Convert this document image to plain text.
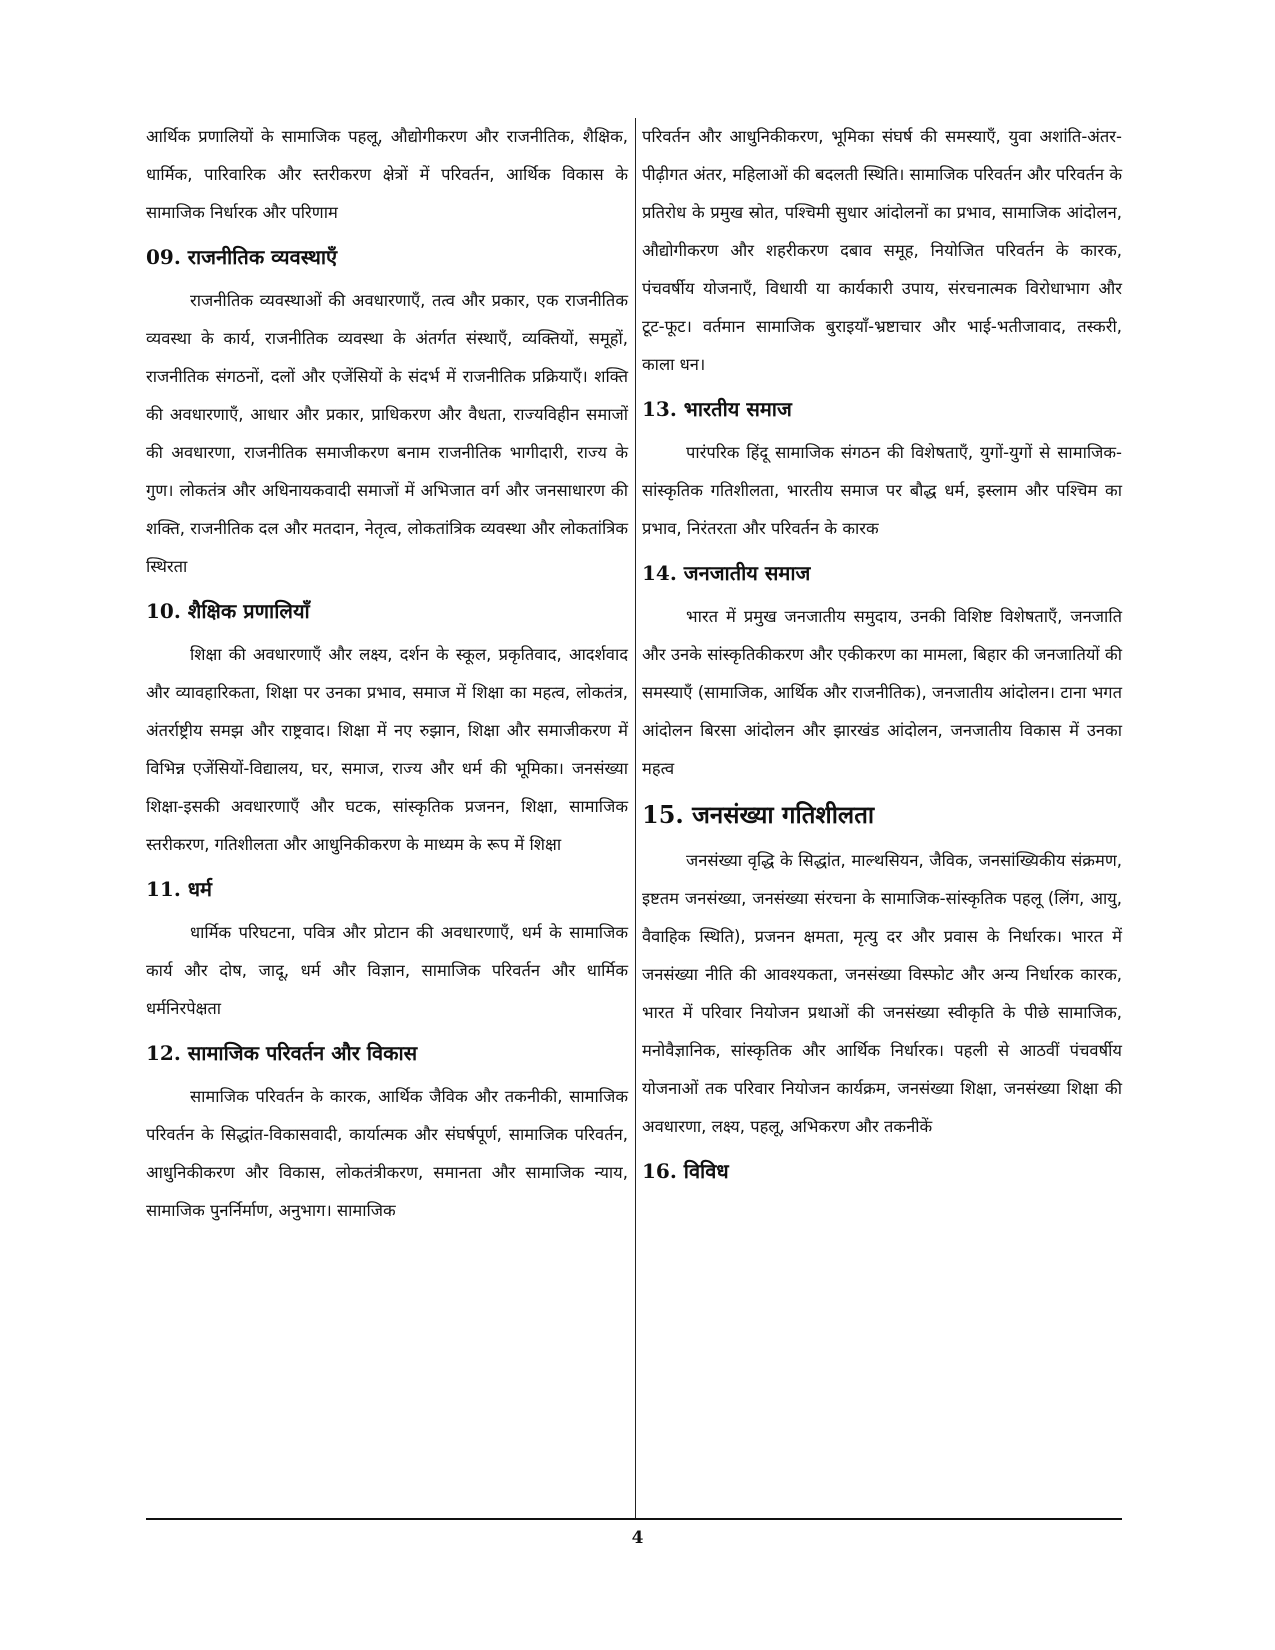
आर्थिक प्रणालियों के सामाजिक पहलू, औद्योगीकरण और राजनीतिक, शैक्षिक, धार्मिक, पारिवारिक और स्तरीकरण क्षेत्रों में परिवर्तन, आर्थिक विकास के सामाजिक निर्धारक और परिणाम

09. राजनीतिक व्यवस्थाएँ

राजनीतिक व्यवस्थाओं की अवधारणाएँ, तत्व और प्रकार, एक राजनीतिक व्यवस्था के कार्य, राजनीतिक व्यवस्था के अंतर्गत संस्थाएँ, व्यक्तियों, समूहों, राजनीतिक संगठनों, दलों और एजेंसियों के संदर्भ में राजनीतिक प्रक्रियाएँ। शक्ति की अवधारणाएँ, आधार और प्रकार, प्राधिकरण और वैधता, राज्यविहीन समाजों की अवधारणा, राजनीतिक समाजीकरण बनाम राजनीतिक भागीदारी, राज्य के गुण। लोकतंत्र और अधिनायकवादी समाजों में अभिजात वर्ग और जनसाधारण की शक्ति, राजनीतिक दल और मतदान, नेतृत्व, लोकतांत्रिक व्यवस्था और लोकतांत्रिक स्थिरता

10. शैक्षिक प्रणालियाँ

शिक्षा की अवधारणाएँ और लक्ष्य, दर्शन के स्कूल, प्रकृतिवाद, आदर्शवाद और व्यावहारिकता, शिक्षा पर उनका प्रभाव, समाज में शिक्षा का महत्व, लोकतंत्र, अंतर्राष्ट्रीय समझ और राष्ट्रवाद। शिक्षा में नए रुझान, शिक्षा और समाजीकरण में विभिन्न एजेंसियों-विद्यालय, घर, समाज, राज्य और धर्म की भूमिका। जनसंख्या शिक्षा-इसकी अवधारणाएँ और घटक, सांस्कृतिक प्रजनन, शिक्षा, सामाजिक स्तरीकरण, गतिशीलता और आधुनिकीकरण के माध्यम के रूप में शिक्षा

11. धर्म

धार्मिक परिघटना, पवित्र और प्रोटान की अवधारणाएँ, धर्म के सामाजिक कार्य और दोष, जादू, धर्म और विज्ञान, सामाजिक परिवर्तन और धार्मिक धर्मनिरपेक्षता

12. सामाजिक परिवर्तन और विकास

सामाजिक परिवर्तन के कारक, आर्थिक जैविक और तकनीकी, सामाजिक परिवर्तन के सिद्धांत-विकासवादी, कार्यात्मक और संघर्षपूर्ण, सामाजिक परिवर्तन, आधुनिकीकरण और विकास, लोकतंत्रीकरण, समानता और सामाजिक न्याय, सामाजिक पुनर्निर्माण, अनुभाग। सामाजिक

परिवर्तन और आधुनिकीकरण, भूमिका संघर्ष की समस्याएँ, युवा अशांति-अंतर-पीढ़ीगत अंतर, महिलाओं की बदलती स्थिति। सामाजिक परिवर्तन और परिवर्तन के प्रतिरोध के प्रमुख स्रोत, पश्चिमी सुधार आंदोलनों का प्रभाव, सामाजिक आंदोलन, औद्योगीकरण और शहरीकरण दबाव समूह, नियोजित परिवर्तन के कारक, पंचवर्षीय योजनाएँ, विधायी या कार्यकारी उपाय, संरचनात्मक विरोधाभाग और टूट-फूट। वर्तमान सामाजिक बुराइयाँ-भ्रष्टाचार और भाई-भतीजावाद, तस्करी, काला धन।

13. भारतीय समाज

पारंपरिक हिंदू सामाजिक संगठन की विशेषताएँ, युगों-युगों से सामाजिक-सांस्कृतिक गतिशीलता, भारतीय समाज पर बौद्ध धर्म, इस्लाम और पश्चिम का प्रभाव, निरंतरता और परिवर्तन के कारक

14. जनजातीय समाज

भारत में प्रमुख जनजातीय समुदाय, उनकी विशिष्ट विशेषताएँ, जनजाति और उनके सांस्कृतिकीकरण और एकीकरण का मामला, बिहार की जनजातियों की समस्याएँ (सामाजिक, आर्थिक और राजनीतिक), जनजातीय आंदोलन। टाना भगत आंदोलन बिरसा आंदोलन और झारखंड आंदोलन, जनजातीय विकास में उनका महत्व

15. जनसंख्या गतिशीलता

जनसंख्या वृद्धि के सिद्धांत, माल्थसियन, जैविक, जनसांख्यिकीय संक्रमण, इष्टतम जनसंख्या, जनसंख्या संरचना के सामाजिक-सांस्कृतिक पहलू (लिंग, आयु, वैवाहिक स्थिति), प्रजनन क्षमता, मृत्यु दर और प्रवास के निर्धारक। भारत में जनसंख्या नीति की आवश्यकता, जनसंख्या विस्फोट और अन्य निर्धारक कारक, भारत में परिवार नियोजन प्रथाओं की जनसंख्या स्वीकृति के पीछे सामाजिक, मनोवैज्ञानिक, सांस्कृतिक और आर्थिक निर्धारक। पहली से आठवीं पंचवर्षीय योजनाओं तक परिवार नियोजन कार्यक्रम, जनसंख्या शिक्षा, जनसंख्या शिक्षा की अवधारणा, लक्ष्य, पहलू, अभिकरण और तकनीकें

16. विविध
4
